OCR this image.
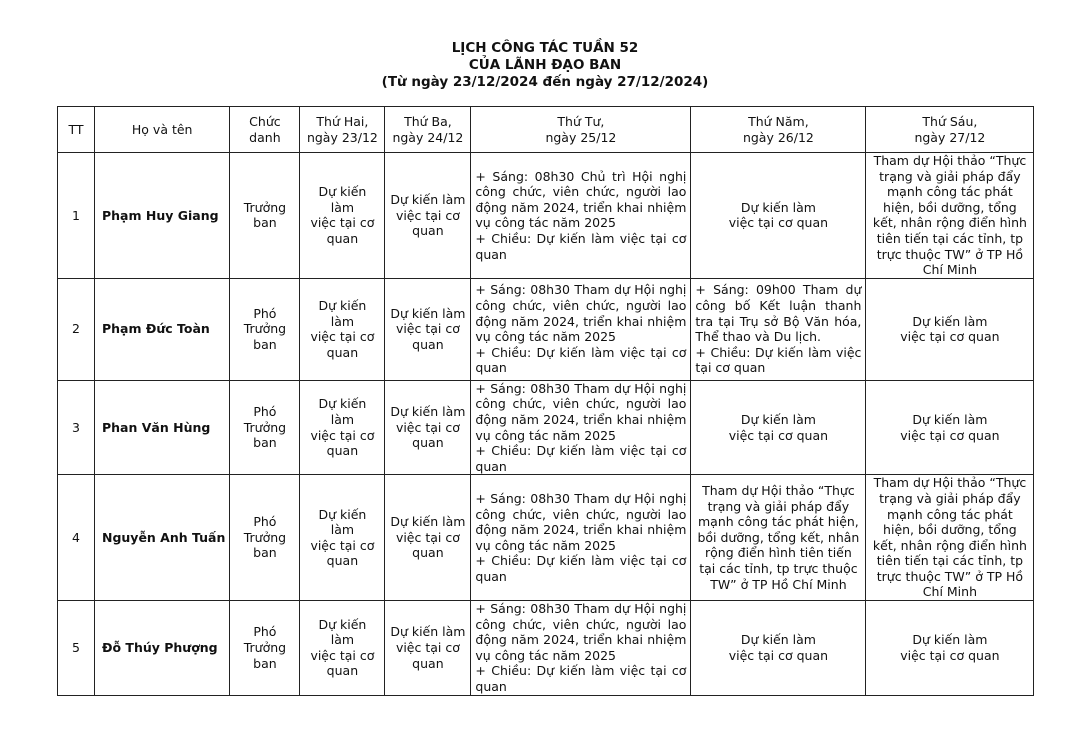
LỊCH CÔNG TÁC TUẦN 52
CỦA LÃNH ĐẠO BAN
(Từ ngày 23/12/2024 đến ngày 27/12/2024)
TT	Họ và tên	Chức
danh	Thứ Hai,
ngày 23/12	Thứ Ba,
ngày 24/12	Thứ Tư,
ngày 25/12	Thứ Năm,
ngày 26/12	Thứ Sáu,
ngày 27/12
1	Phạm Huy Giang	Trưởng
ban	Dự kiến
làm
việc tại cơ
quan	Dự kiến làm
việc tại cơ
quan	+ Sáng: 08h30 Chủ trì Hội nghị công chức, viên chức, người lao động năm 2024, triển khai nhiệm vụ công tác năm 2025
+ Chiều: Dự kiến làm việc tại cơ quan	Dự kiến làm
việc tại cơ quan	Tham dự Hội thảo “Thực trạng và giải pháp đẩy mạnh công tác phát hiện, bồi dưỡng, tổng kết, nhân rộng điển hình tiên tiến tại các tỉnh, tp trực thuộc TW” ở TP Hồ Chí Minh
2	Phạm Đức Toàn	Phó
Trưởng
ban	Dự kiến
làm
việc tại cơ
quan	Dự kiến làm
việc tại cơ
quan	+ Sáng: 08h30 Tham dự Hội nghị công chức, viên chức, người lao động năm 2024, triển khai nhiệm vụ công tác năm 2025
+ Chiều: Dự kiến làm việc tại cơ quan	+ Sáng: 09h00 Tham dự công bố Kết luận thanh tra tại Trụ sở Bộ Văn hóa, Thể thao và Du lịch.
+ Chiều: Dự kiến làm việc tại cơ quan	Dự kiến làm
việc tại cơ quan
3	Phan Văn Hùng	Phó
Trưởng
ban	Dự kiến
làm
việc tại cơ
quan	Dự kiến làm
việc tại cơ
quan	+ Sáng: 08h30 Tham dự Hội nghị công chức, viên chức, người lao động năm 2024, triển khai nhiệm vụ công tác năm 2025
+ Chiều: Dự kiến làm việc tại cơ quan	Dự kiến làm
việc tại cơ quan	Dự kiến làm
việc tại cơ quan
4	Nguyễn Anh Tuấn	Phó
Trưởng
ban	Dự kiến
làm
việc tại cơ
quan	Dự kiến làm
việc tại cơ
quan	+ Sáng: 08h30 Tham dự Hội nghị công chức, viên chức, người lao động năm 2024, triển khai nhiệm vụ công tác năm 2025
+ Chiều: Dự kiến làm việc tại cơ quan	Tham dự Hội thảo “Thực trạng và giải pháp đẩy mạnh công tác phát hiện, bồi dưỡng, tổng kết, nhân rộng điển hình tiên tiến tại các tỉnh, tp trực thuộc TW” ở TP Hồ Chí Minh	Tham dự Hội thảo “Thực trạng và giải pháp đẩy mạnh công tác phát hiện, bồi dưỡng, tổng kết, nhân rộng điển hình tiên tiến tại các tỉnh, tp trực thuộc TW” ở TP Hồ Chí Minh
5	Đỗ Thúy Phượng	Phó
Trưởng
ban	Dự kiến
làm
việc tại cơ
quan	Dự kiến làm
việc tại cơ
quan	+ Sáng: 08h30 Tham dự Hội nghị công chức, viên chức, người lao động năm 2024, triển khai nhiệm vụ công tác năm 2025
+ Chiều: Dự kiến làm việc tại cơ quan	Dự kiến làm
việc tại cơ quan	Dự kiến làm
việc tại cơ quan
